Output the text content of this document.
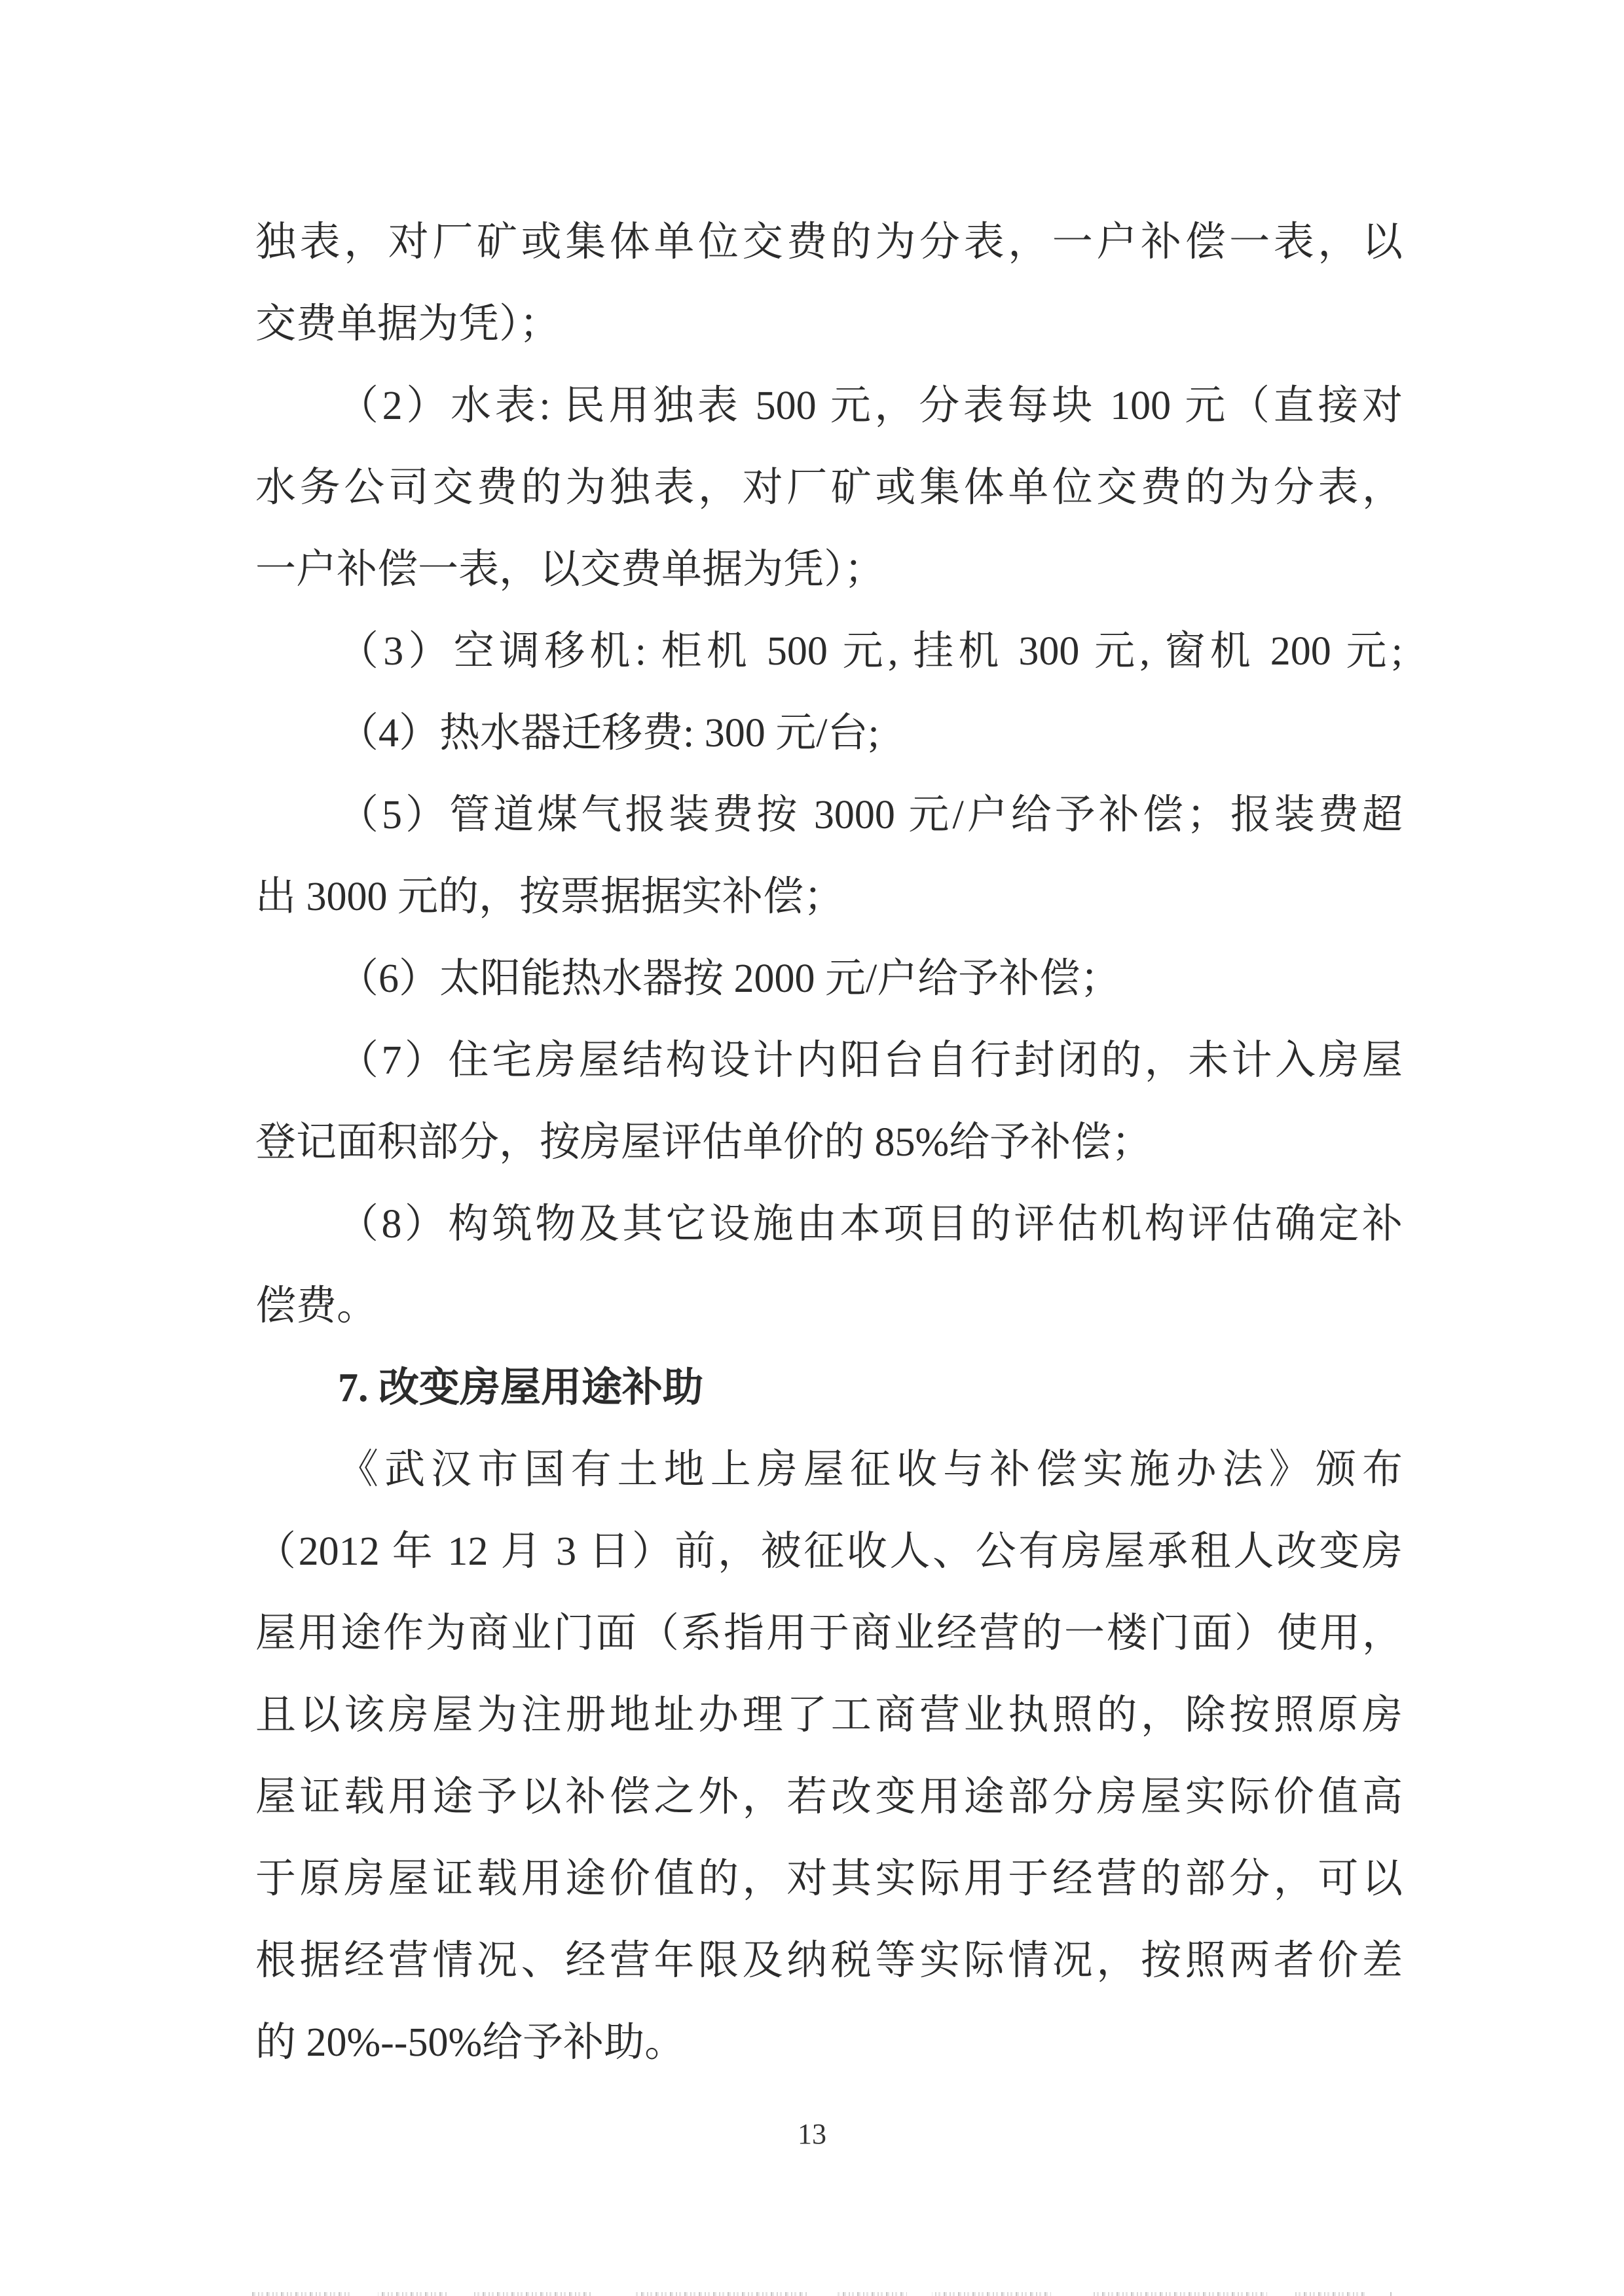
独表，对厂矿或集体单位交费的为分表，一户补偿一表，以
交费单据为凭）；
（2）水表: 民用独表 500 元，分表每块 100 元（直接对
水务公司交费的为独表，对厂矿或集体单位交费的为分表，
一户补偿一表，以交费单据为凭）；
（3）空调移机: 柜机 500 元, 挂机 300 元, 窗机 200 元;
（4）热水器迁移费: 300 元/台;
（5）管道煤气报装费按 3000 元/户给予补偿；报装费超
出 3000 元的，按票据据实补偿；
（6）太阳能热水器按 2000 元/户给予补偿；
（7）住宅房屋结构设计内阳台自行封闭的，未计入房屋
登记面积部分，按房屋评估单价的 85%给予补偿；
（8）构筑物及其它设施由本项目的评估机构评估确定补
偿费。
7. 改变房屋用途补助
《武汉市国有土地上房屋征收与补偿实施办法》颁布
（2012 年 12 月 3 日）前，被征收人、公有房屋承租人改变房
屋用途作为商业门面（系指用于商业经营的一楼门面）使用，
且以该房屋为注册地址办理了工商营业执照的，除按照原房
屋证载用途予以补偿之外，若改变用途部分房屋实际价值高
于原房屋证载用途价值的，对其实际用于经营的部分，可以
根据经营情况、经营年限及纳税等实际情况，按照两者价差
的 20%--50%给予补助。
13
